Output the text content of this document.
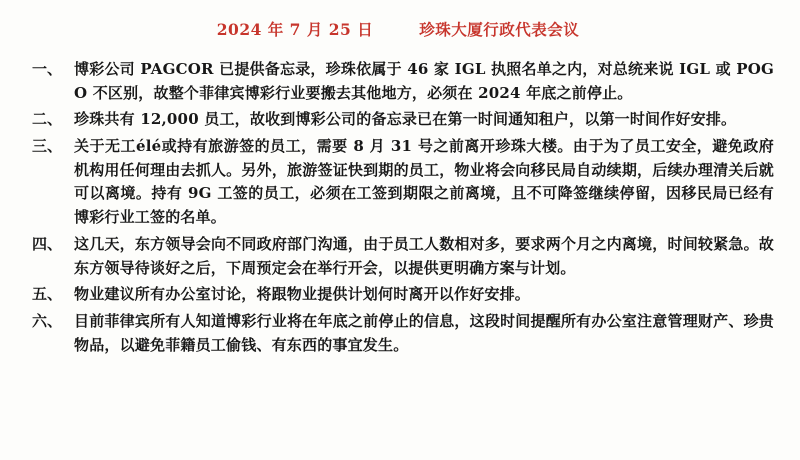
2024 年 7 月 25 日	珍珠大厦行政代表会议
一、 博彩公司 PAGCOR 已提供备忘录，珍珠依属于 46 家 IGL 执照名单之内，对总统来说 IGL 或 POGO 不区别，故整个菲律宾博彩行业要搬去其他地方，必须在 2024 年底之前停止。
二、 珍珠共有 12,000 员工，故收到博彩公司的备忘录已在第一时间通知租户，以第一时间作好安排。
三、 关于无工élé或持有旅游签的员工，需要 8 月 31 号之前离开珍珠大楼。由于为了员工安全，避免政府机构用任何理由去抓人。另外，旅游签证快到期的员工，物业将会向移民局自动续期，后续办理清关后就可以离境。持有 9G 工签的员工，必须在工签到期限之前离境，且不可降签继续停留，因移民局已经有博彩行业工签的名单。
四、 这几天，东方领导会向不同政府部门沟通，由于员工人数相对多，要求两个月之内离境，时间较紧急。故东方领导待谈好之后，下周预定会在举行开会，以提供更明确方案与计划。
五、 物业建议所有办公室讨论，将跟物业提供计划何时离开以作好安排。
六、 目前菲律宾所有人知道博彩行业将在年底之前停止的信息，这段时间提醒所有办公室注意管理财产、珍贵物品，以避免菲籍员工偷钱、有东西的事宜发生。
